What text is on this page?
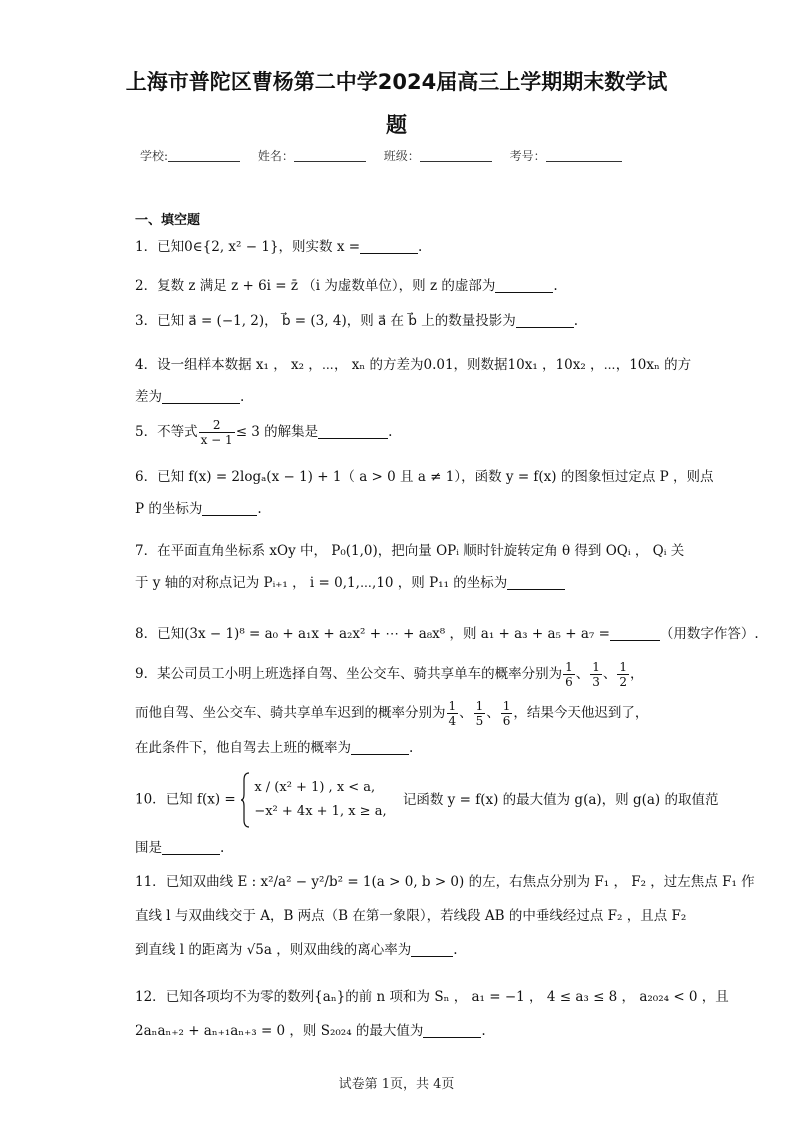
上海市普陀区曹杨第二中学2024届高三上学期期末数学试
题
学校:	姓名：	班级：	考号：
一、填空题
1．已知0∈{2, x² − 1}，则实数 x =	.
2．复数 z 满足 z + 6i = z̄ （i 为虚数单位），则 z 的虚部为	.
3．已知 a⃗ = (−1, 2)， b⃗ = (3, 4)，则 a⃗ 在 b⃗ 上的数量投影为	.
4．设一组样本数据 x₁ ， x₂ ，⋯， xₙ 的方差为0.01，则数据10x₁ ，10x₂ ，⋯，10xₙ 的方
差为	.
5．不等式 $\frac{2}{x - 1} \le 3$ 的解集是	.
6．已知 f(x) = 2logₐ(x − 1) + 1（ a > 0 且 a ≠ 1），函数 y = f(x) 的图象恒过定点 P ，则点
P 的坐标为	.
7．在平面直角坐标系 xOy 中， P₀(1,0)，把向量 OPᵢ 顺时针旋转定角 θ 得到 OQᵢ ， Qᵢ 关
于 y 轴的对称点记为 Pᵢ₊₁ ， i = 0,1,⋯,10 ，则 P₁₁ 的坐标为
8．已知(3x − 1)⁸ = a₀ + a₁x + a₂x² + ⋯ + a₈x⁸ ，则 a₁ + a₃ + a₅ + a₇ =	（用数字作答）.
9．某公司员工小明上班选择自驾、坐公交车、骑共享单车的概率分别为 $\frac{1}{6}$ 、 $\frac{1}{3}$ 、 $\frac{1}{2}$ ，
而他自驾、坐公交车、骑共享单车迟到的概率分别为 $\frac{1}{4}$ 、 $\frac{1}{5}$ 、 $\frac{1}{6}$ ，结果今天他迟到了，
在此条件下，他自驾去上班的概率为	.
10．已知 f(x) =
x / (x² + 1) , x < a,
−x² + 4x + 1, x ≥ a,
记函数 y = f(x) 的最大值为 g(a)，则 g(a) 的取值范
围是	.
11．已知双曲线 E : x²/a² − y²/b² = 1(a > 0, b > 0) 的左，右焦点分别为 F₁ ， F₂ ，过左焦点 F₁ 作
直线 l 与双曲线交于 A，B 两点（B 在第一象限），若线段 AB 的中垂线经过点 F₂ ，且点 F₂
到直线 l 的距离为 √5a ，则双曲线的离心率为	.
12．已知各项均不为零的数列{aₙ}的前 n 项和为 Sₙ ， a₁ = −1 ， 4 ≤ a₃ ≤ 8 ， a₂₀₂₄ < 0 ，且
2aₙaₙ₊₂ + aₙ₊₁aₙ₊₃ = 0 ，则 S₂₀₂₄ 的最大值为	.
试卷第 1页，共 4页
